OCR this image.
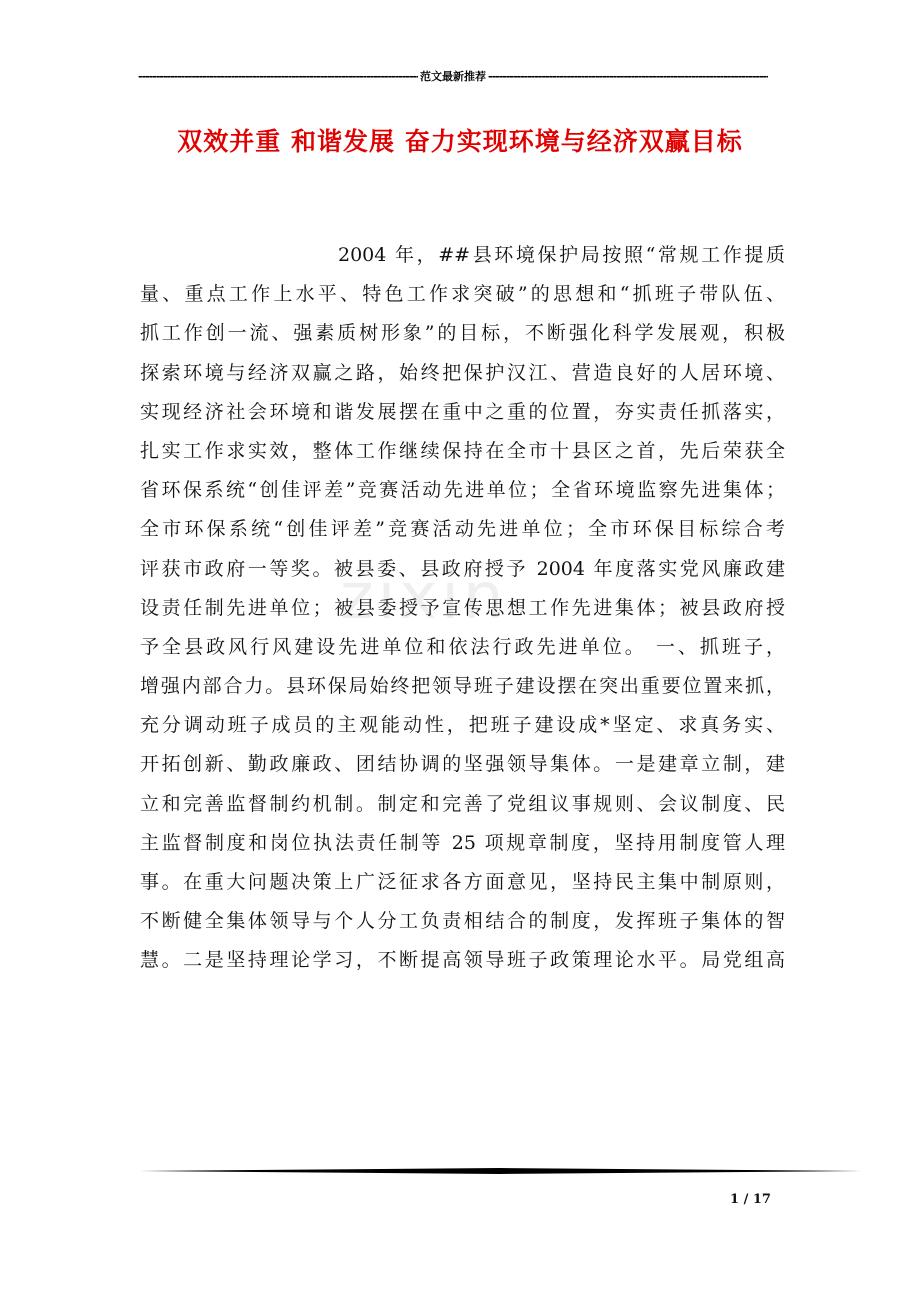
-----
范文最新推荐
-----
双效并重 和谐发展 奋力实现环境与经济双赢目标
zixin
2004 年，##县环境保护局按照“常规工作提质
量、重点工作上水平、特色工作求突破”的思想和“抓班子带队伍、
抓工作创一流、强素质树形象”的目标，不断强化科学发展观，积极
探索环境与经济双赢之路，始终把保护汉江、营造良好的人居环境、
实现经济社会环境和谐发展摆在重中之重的位置，夯实责任抓落实，
扎实工作求实效，整体工作继续保持在全市十县区之首，先后荣获全
省环保系统“创佳评差”竞赛活动先进单位；全省环境监察先进集体；
全市环保系统“创佳评差”竞赛活动先进单位；全市环保目标综合考
评获市政府一等奖。被县委、县政府授予 2004 年度落实党风廉政建
设责任制先进单位；被县委授予宣传思想工作先进集体；被县政府授
予全县政风行风建设先进单位和依法行政先进单位。 一、抓班子，
增强内部合力。县环保局始终把领导班子建设摆在突出重要位置来抓，
充分调动班子成员的主观能动性，把班子建设成*坚定、求真务实、
开拓创新、勤政廉政、团结协调的坚强领导集体。一是建章立制，建
立和完善监督制约机制。制定和完善了党组议事规则、会议制度、民
主监督制度和岗位执法责任制等 25 项规章制度，坚持用制度管人理
事。在重大问题决策上广泛征求各方面意见，坚持民主集中制原则，
不断健全集体领导与个人分工负责相结合的制度，发挥班子集体的智
慧。二是坚持理论学习，不断提高领导班子政策理论水平。局党组高
1 / 17
